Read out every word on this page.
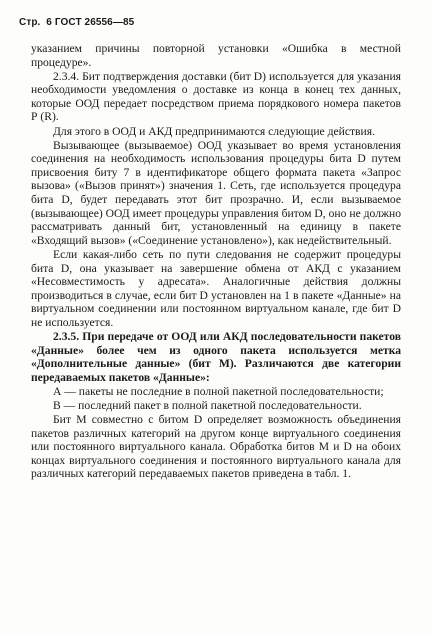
Стр. 6 ГОСТ 26556—85

указанием причины повторной установки «Ошибка в местной процедуре».

2.3.4. Бит подтверждения доставки (бит D) используется для указания необходимости уведомления о доставке из конца в конец тех данных, которые ООД передает посредством приема порядкового номера пакетов Р (R).

Для этого в ООД и АКД предпринимаются следующие действия.

Вызывающее (вызываемое) ООД указывает во время установления соединения на необходимость использования процедуры бита D путем присвоения биту 7 в идентификаторе общего формата пакета «Запрос вызова» («Вызов принят») значения 1. Сеть, где используется процедура бита D, будет передавать этот бит прозрачно. И, если вызываемое (вызывающее) ООД имеет процедуры управления битом D, оно не должно рассматривать данный бит, установленный на единицу в пакете «Входящий вызов» («Соединение установлено»), как недействительный.

Если какая-либо сеть по пути следования не содержит процедуры бита D, она указывает на завершение обмена от АКД с указанием «Несовместимость у адресата». Аналогичные действия должны производиться в случае, если бит D установлен на 1 в пакете «Данные» на виртуальном соединении или постоянном виртуальном канале, где бит D не используется.

2.3.5. При передаче от ООД или АКД последовательности пакетов «Данные» более чем из одного пакета используется метка «Дополнительные данные» (бит М). Различаются две категории передаваемых пакетов «Данные»:

А — пакеты не последние в полной пакетной последовательности;

В — последний пакет в полной пакетной последовательности.

Бит М совместно с битом D определяет возможность объединения пакетов различных категорий на другом конце виртуального соединения или постоянного виртуального канала. Обработка битов М и D на обоих концах виртуального соединения и постоянного виртуального канала для различных категорий передаваемых пакетов приведена в табл. 1.
